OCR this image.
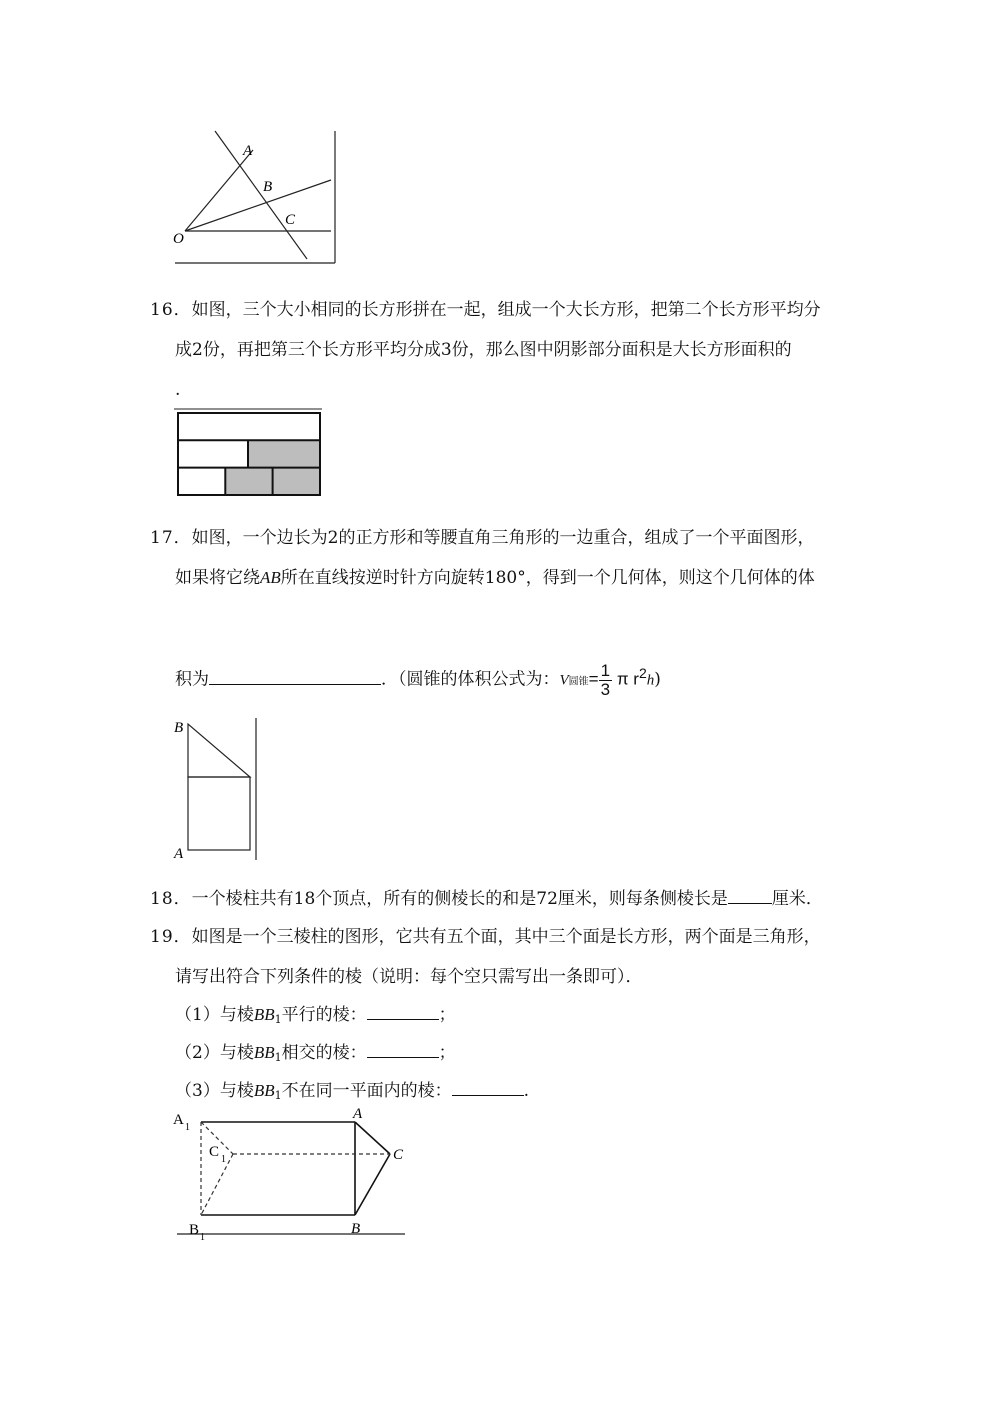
A
B
C
O
16．如图，三个大小相同的长方形拼在一起，组成一个大长方形，把第二个长方形平均分
成2份，再把第三个长方形平均分成3份，那么图中阴影部分面积是大长方形面积的
.
17．如图，一个边长为2的正方形和等腰直角三角形的一边重合，组成了一个平面图形，
如果将它绕AB所在直线按逆时针方向旋转180°，得到一个几何体，则这个几何体的体
积为	．（圆锥的体积公式为：V圆锥= $\frac{1}{3}$ π $r^2h$)
B
A
18．一个棱柱共有18个顶点，所有的侧棱长的和是72厘米，则每条侧棱长是	厘米．
19．如图是一个三棱柱的图形，它共有五个面，其中三个面是长方形，两个面是三角形，
请写出符合下列条件的棱（说明：每个空只需写出一条即可）．
（1）与棱$BB_1$平行的棱：	；
（2）与棱$BB_1$相交的棱：	；
（3）与棱$BB_1$不在同一平面内的棱：	.
A 1
C 1
B 1
A
C
B
